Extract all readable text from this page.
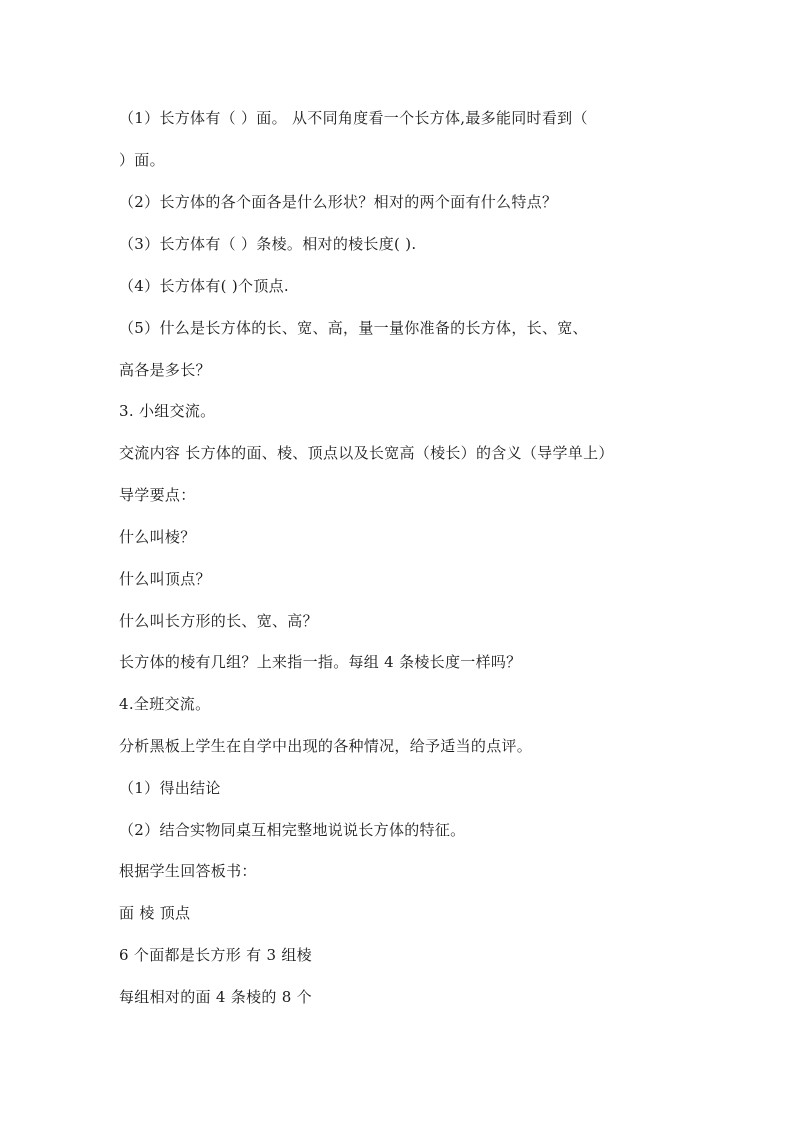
（1）长方体有（ ）面。 从不同角度看一个长方体,最多能同时看到（
）面。
（2）长方体的各个面各是什么形状？相对的两个面有什么特点？
（3）长方体有（ ）条棱。相对的棱长度( ).
（4）长方体有( )个顶点.
（5）什么是长方体的长、宽、高，量一量你准备的长方体，长、宽、
高各是多长？
3. 小组交流。
交流内容 长方体的面、棱、顶点以及长宽高（棱长）的含义（导学单上）
导学要点：
什么叫棱？
什么叫顶点？
什么叫长方形的长、宽、高？
长方体的棱有几组？上来指一指。每组 4 条棱长度一样吗？
4.全班交流。
分析黑板上学生在自学中出现的各种情况，给予适当的点评。
（1）得出结论
（2）结合实物同桌互相完整地说说长方体的特征。
根据学生回答板书：
面 棱 顶点
6 个面都是长方形 有 3 组棱
每组相对的面 4 条棱的 8 个
